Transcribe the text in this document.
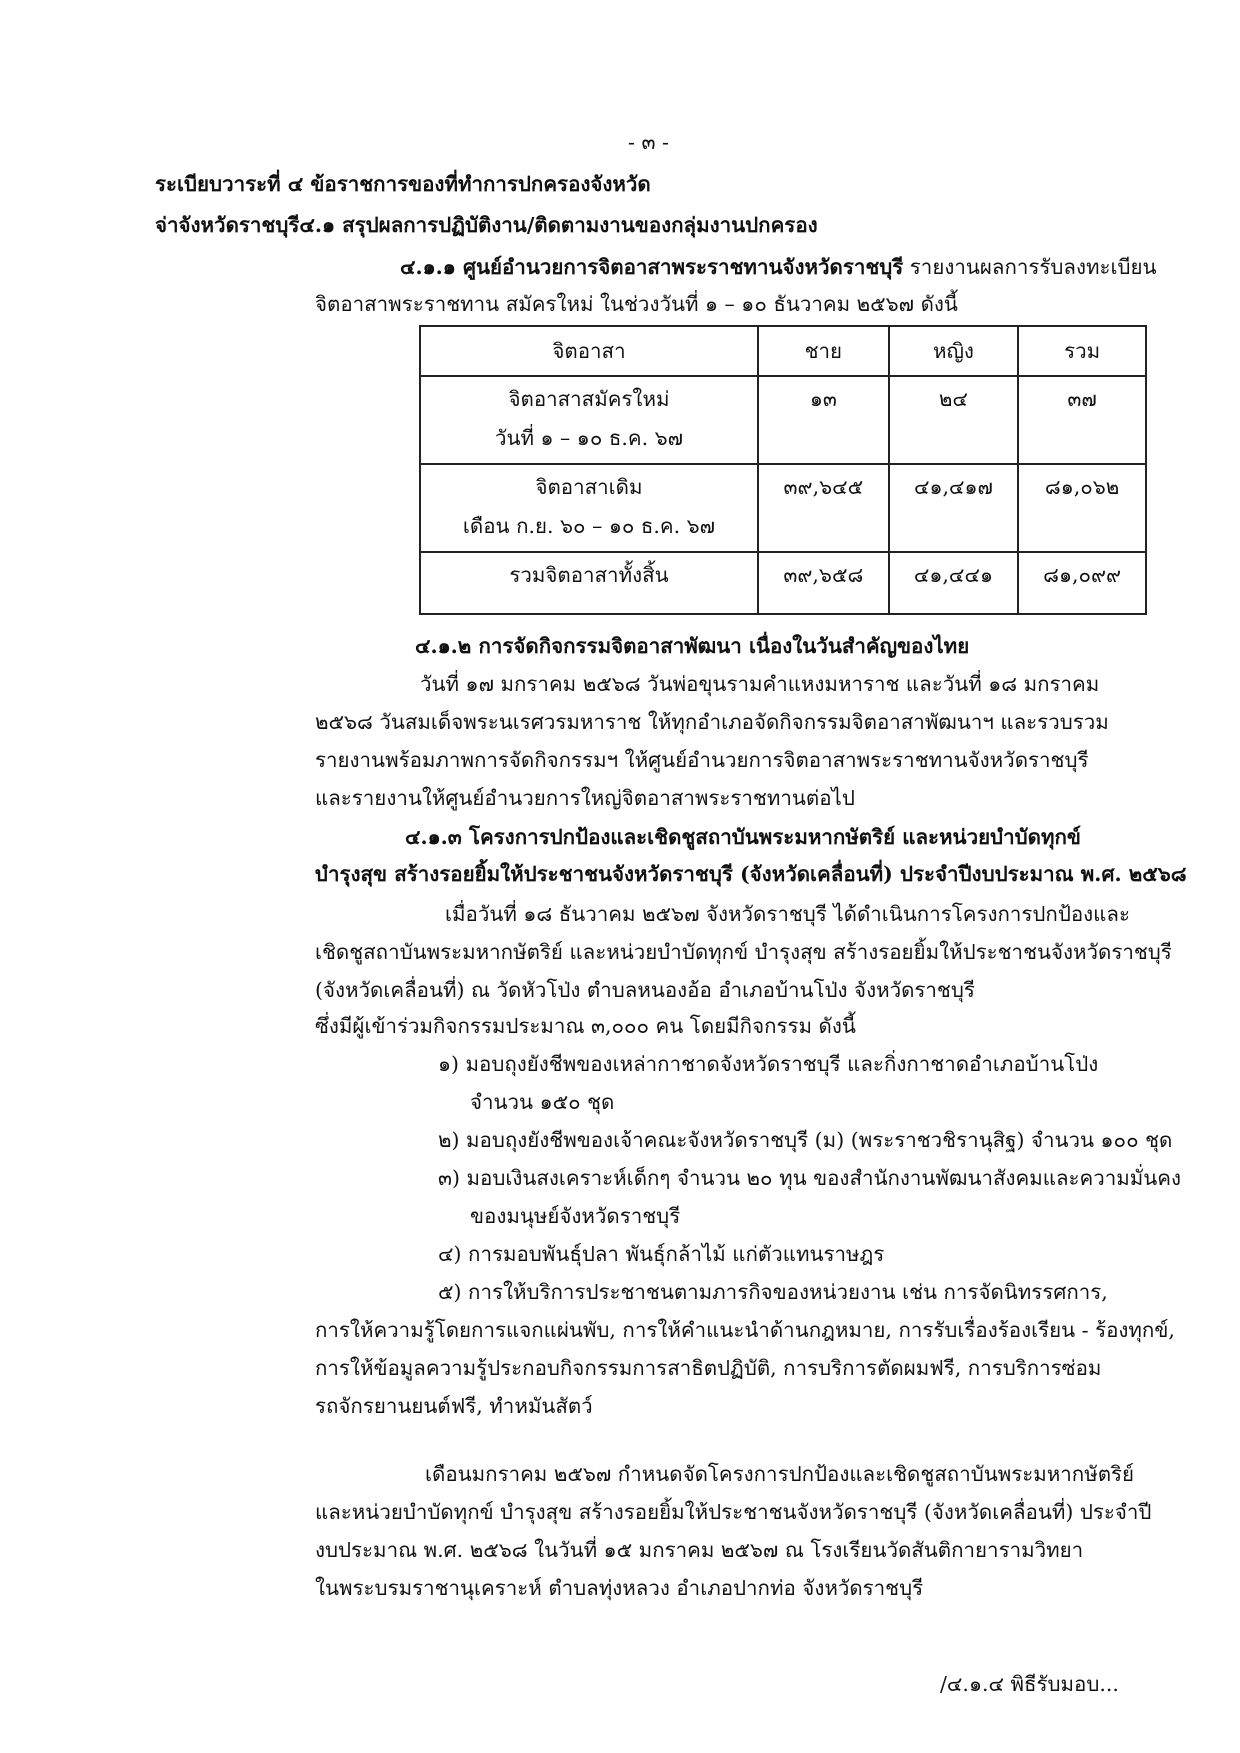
- ๓ -
ระเบียบวาระที่ ๔ ข้อราชการของที่ทำการปกครองจังหวัด
จ่าจังหวัดราชบุรี๔.๑ สรุปผลการปฏิบัติงาน/ติดตามงานของกลุ่มงานปกครอง
๔.๑.๑ ศูนย์อำนวยการจิตอาสาพระราชทานจังหวัดราชบุรี รายงานผลการรับลงทะเบียน
จิตอาสาพระราชทาน สมัครใหม่ ในช่วงวันที่ ๑ – ๑๐ ธันวาคม ๒๕๖๗ ดังนี้
จิตอาสา	ชาย	หญิง	รวม

จิตอาสาสมัครใหม่
วันที่ ๑ – ๑๐ ธ.ค. ๖๗	๑๓	๒๔	๓๗

จิตอาสาเดิม
เดือน ก.ย. ๖๐ – ๑๐ ธ.ค. ๖๗	๓๙,๖๔๕	๔๑,๔๑๗	๘๑,๐๖๒

รวมจิตอาสาทั้งสิ้น	๓๙,๖๕๘	๔๑,๔๔๑	๘๑,๐๙๙
๔.๑.๒ การจัดกิจกรรมจิตอาสาพัฒนา เนื่องในวันสำคัญของไทย
วันที่ ๑๗ มกราคม ๒๕๖๘ วันพ่อขุนรามคำแหงมหาราช และวันที่ ๑๘ มกราคม
๒๕๖๘ วันสมเด็จพระนเรศวรมหาราช ให้ทุกอำเภอจัดกิจกรรมจิตอาสาพัฒนาฯ และรวบรวม
รายงานพร้อมภาพการจัดกิจกรรมฯ ให้ศูนย์อำนวยการจิตอาสาพระราชทานจังหวัดราชบุรี
และรายงานให้ศูนย์อำนวยการใหญ่จิตอาสาพระราชทานต่อไป
๔.๑.๓ โครงการปกป้องและเชิดชูสถาบันพระมหากษัตริย์ และหน่วยบำบัดทุกข์
บำรุงสุข สร้างรอยยิ้มให้ประชาชนจังหวัดราชบุรี (จังหวัดเคลื่อนที่) ประจำปีงบประมาณ พ.ศ. ๒๕๖๘
เมื่อวันที่ ๑๘ ธันวาคม ๒๕๖๗ จังหวัดราชบุรี ได้ดำเนินการโครงการปกป้องและ
เชิดชูสถาบันพระมหากษัตริย์ และหน่วยบำบัดทุกข์ บำรุงสุข สร้างรอยยิ้มให้ประชาชนจังหวัดราชบุรี
(จังหวัดเคลื่อนที่) ณ วัดหัวโป่ง ตำบลหนองอ้อ อำเภอบ้านโป่ง จังหวัดราชบุรี
ซึ่งมีผู้เข้าร่วมกิจกรรมประมาณ ๓,๐๐๐ คน โดยมีกิจกรรม ดังนี้
๑) มอบถุงยังชีพของเหล่ากาชาดจังหวัดราชบุรี และกิ่งกาชาดอำเภอบ้านโป่ง
จำนวน ๑๕๐ ชุด
๒) มอบถุงยังชีพของเจ้าคณะจังหวัดราชบุรี (ม) (พระราชวชิรานุสิฐ) จำนวน ๑๐๐ ชุด
๓) มอบเงินสงเคราะห์เด็กๆ จำนวน ๒๐ ทุน ของสำนักงานพัฒนาสังคมและความมั่นคง
ของมนุษย์จังหวัดราชบุรี
๔) การมอบพันธุ์ปลา พันธุ์กล้าไม้ แก่ตัวแทนราษฎร
๕) การให้บริการประชาชนตามภารกิจของหน่วยงาน เช่น การจัดนิทรรศการ,
การให้ความรู้โดยการแจกแผ่นพับ, การให้คำแนะนำด้านกฎหมาย, การรับเรื่องร้องเรียน - ร้องทุกข์,
การให้ข้อมูลความรู้ประกอบกิจกรรมการสาธิตปฏิบัติ, การบริการตัดผมฟรี, การบริการซ่อม
รถจักรยานยนต์ฟรี, ทำหมันสัตว์
เดือนมกราคม ๒๕๖๗ กำหนดจัดโครงการปกป้องและเชิดชูสถาบันพระมหากษัตริย์
และหน่วยบำบัดทุกข์ บำรุงสุข สร้างรอยยิ้มให้ประชาชนจังหวัดราชบุรี (จังหวัดเคลื่อนที่) ประจำปี
งบประมาณ พ.ศ. ๒๕๖๘ ในวันที่ ๑๕ มกราคม ๒๕๖๗ ณ โรงเรียนวัดสันติกายารามวิทยา
ในพระบรมราชานุเคราะห์ ตำบลทุ่งหลวง อำเภอปากท่อ จังหวัดราชบุรี
/๔.๑.๔ พิธีรับมอบ...
